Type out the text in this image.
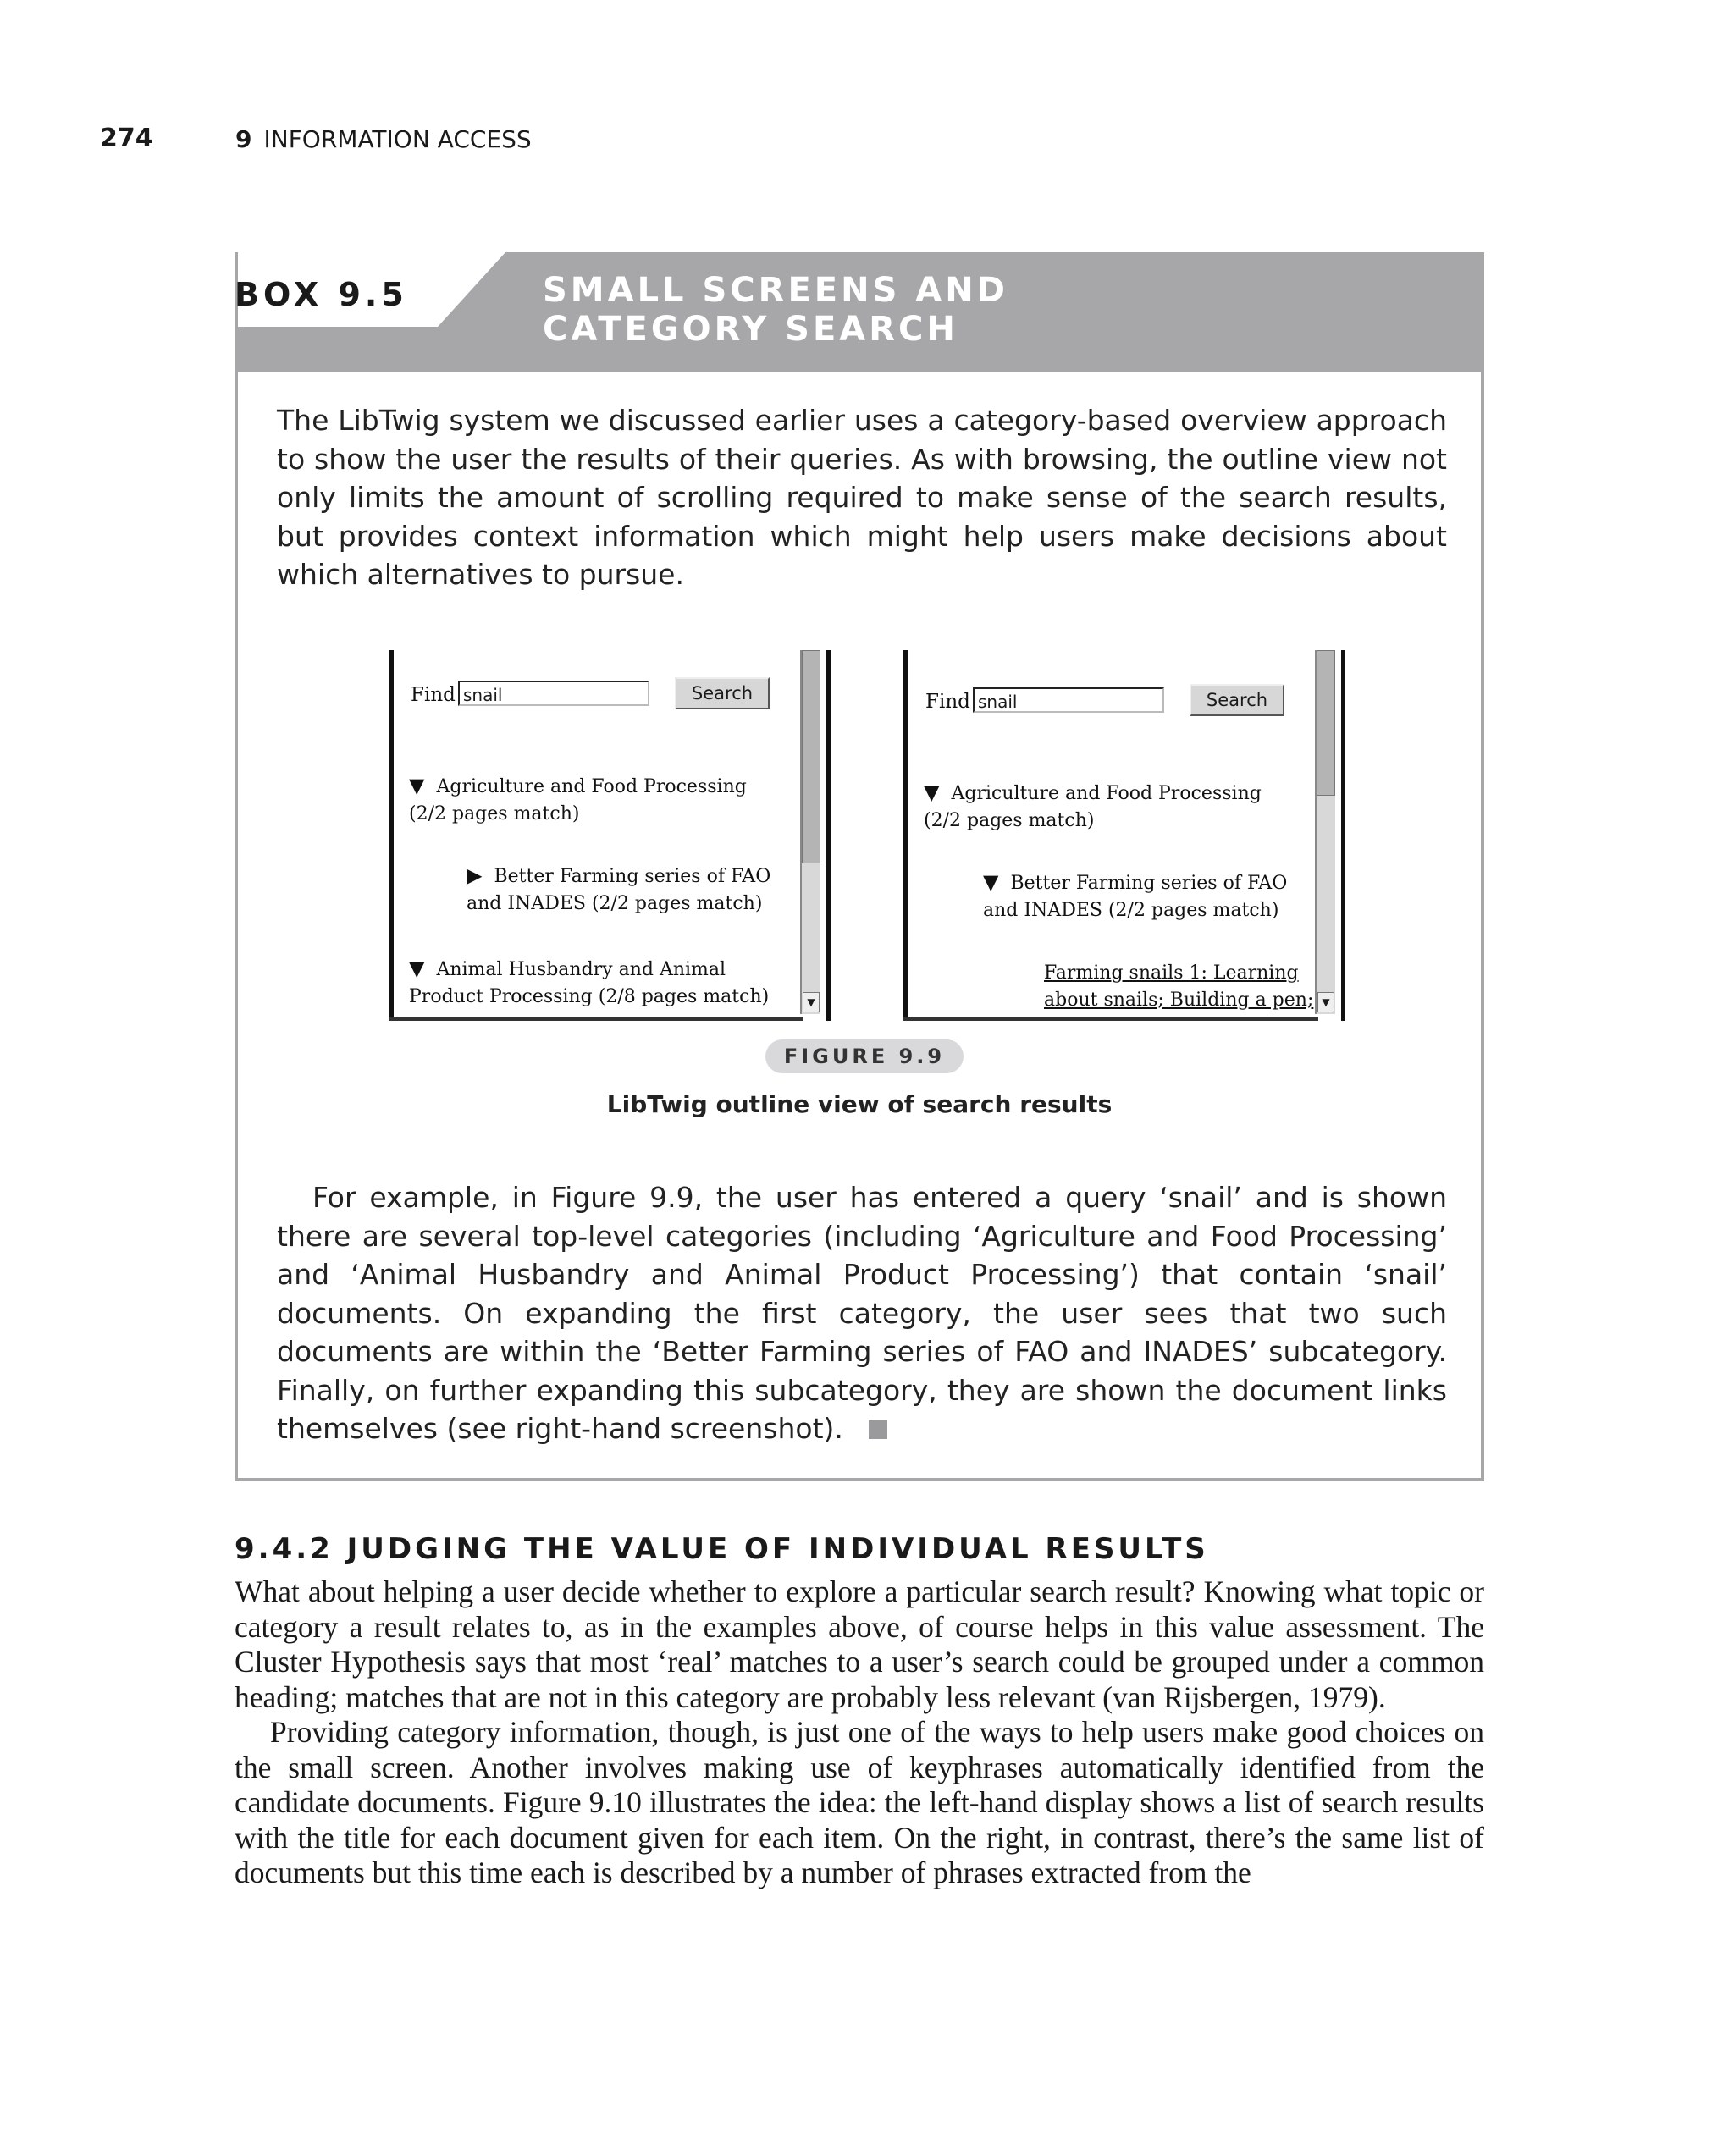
274	9 INFORMATION ACCESS
BOX 9.5	SMALL SCREENS AND CATEGORY SEARCH
The LibTwig system we discussed earlier uses a category-based overview approach to show the user the results of their queries. As with browsing, the outline view not only limits the amount of scrolling required to make sense of the search results, but provides context information which might help users make decisions about which alternatives to pursue.
Find snail	Search
▼ Agriculture and Food Processing
(2/2 pages match)
▶ Better Farming series of FAO
and INADES (2/2 pages match)
▼ Animal Husbandry and Animal
Product Processing (2/8 pages match)	▼
Find snail	Search
▼ Agriculture and Food Processing
(2/2 pages match)
▼ Better Farming series of FAO
and INADES (2/2 pages match)
Farming snails 1: Learning
about snails; Building a pen; ▼
FIGURE 9.9
LibTwig outline view of search results
For example, in Figure 9.9, the user has entered a query ‘snail’ and is shown there are several top-level categories (including ‘Agriculture and Food Processing’ and ‘Animal Husbandry and Animal Product Processing’) that contain ‘snail’ documents. On expanding the first category, the user sees that two such documents are within the ‘Better Farming series of FAO and INADES’ subcategory. Finally, on further expanding this subcategory, they are shown the document links themselves (see right-hand screenshot).
9.4.2 JUDGING THE VALUE OF INDIVIDUAL RESULTS

What about helping a user decide whether to explore a particular search result? Knowing what topic or category a result relates to, as in the examples above, of course helps in this value assessment. The Cluster Hypothesis says that most ‘real’ matches to a user’s search could be grouped under a common heading; matches that are not in this category are probably less relevant (van Rijsbergen, 1979).

Providing category information, though, is just one of the ways to help users make good choices on the small screen. Another involves making use of keyphrases automatically identified from the candidate documents. Figure 9.10 illustrates the idea: the left-hand display shows a list of search results with the title for each document given for each item. On the right, in contrast, there’s the same list of documents but this time each is described by a number of phrases extracted from the
